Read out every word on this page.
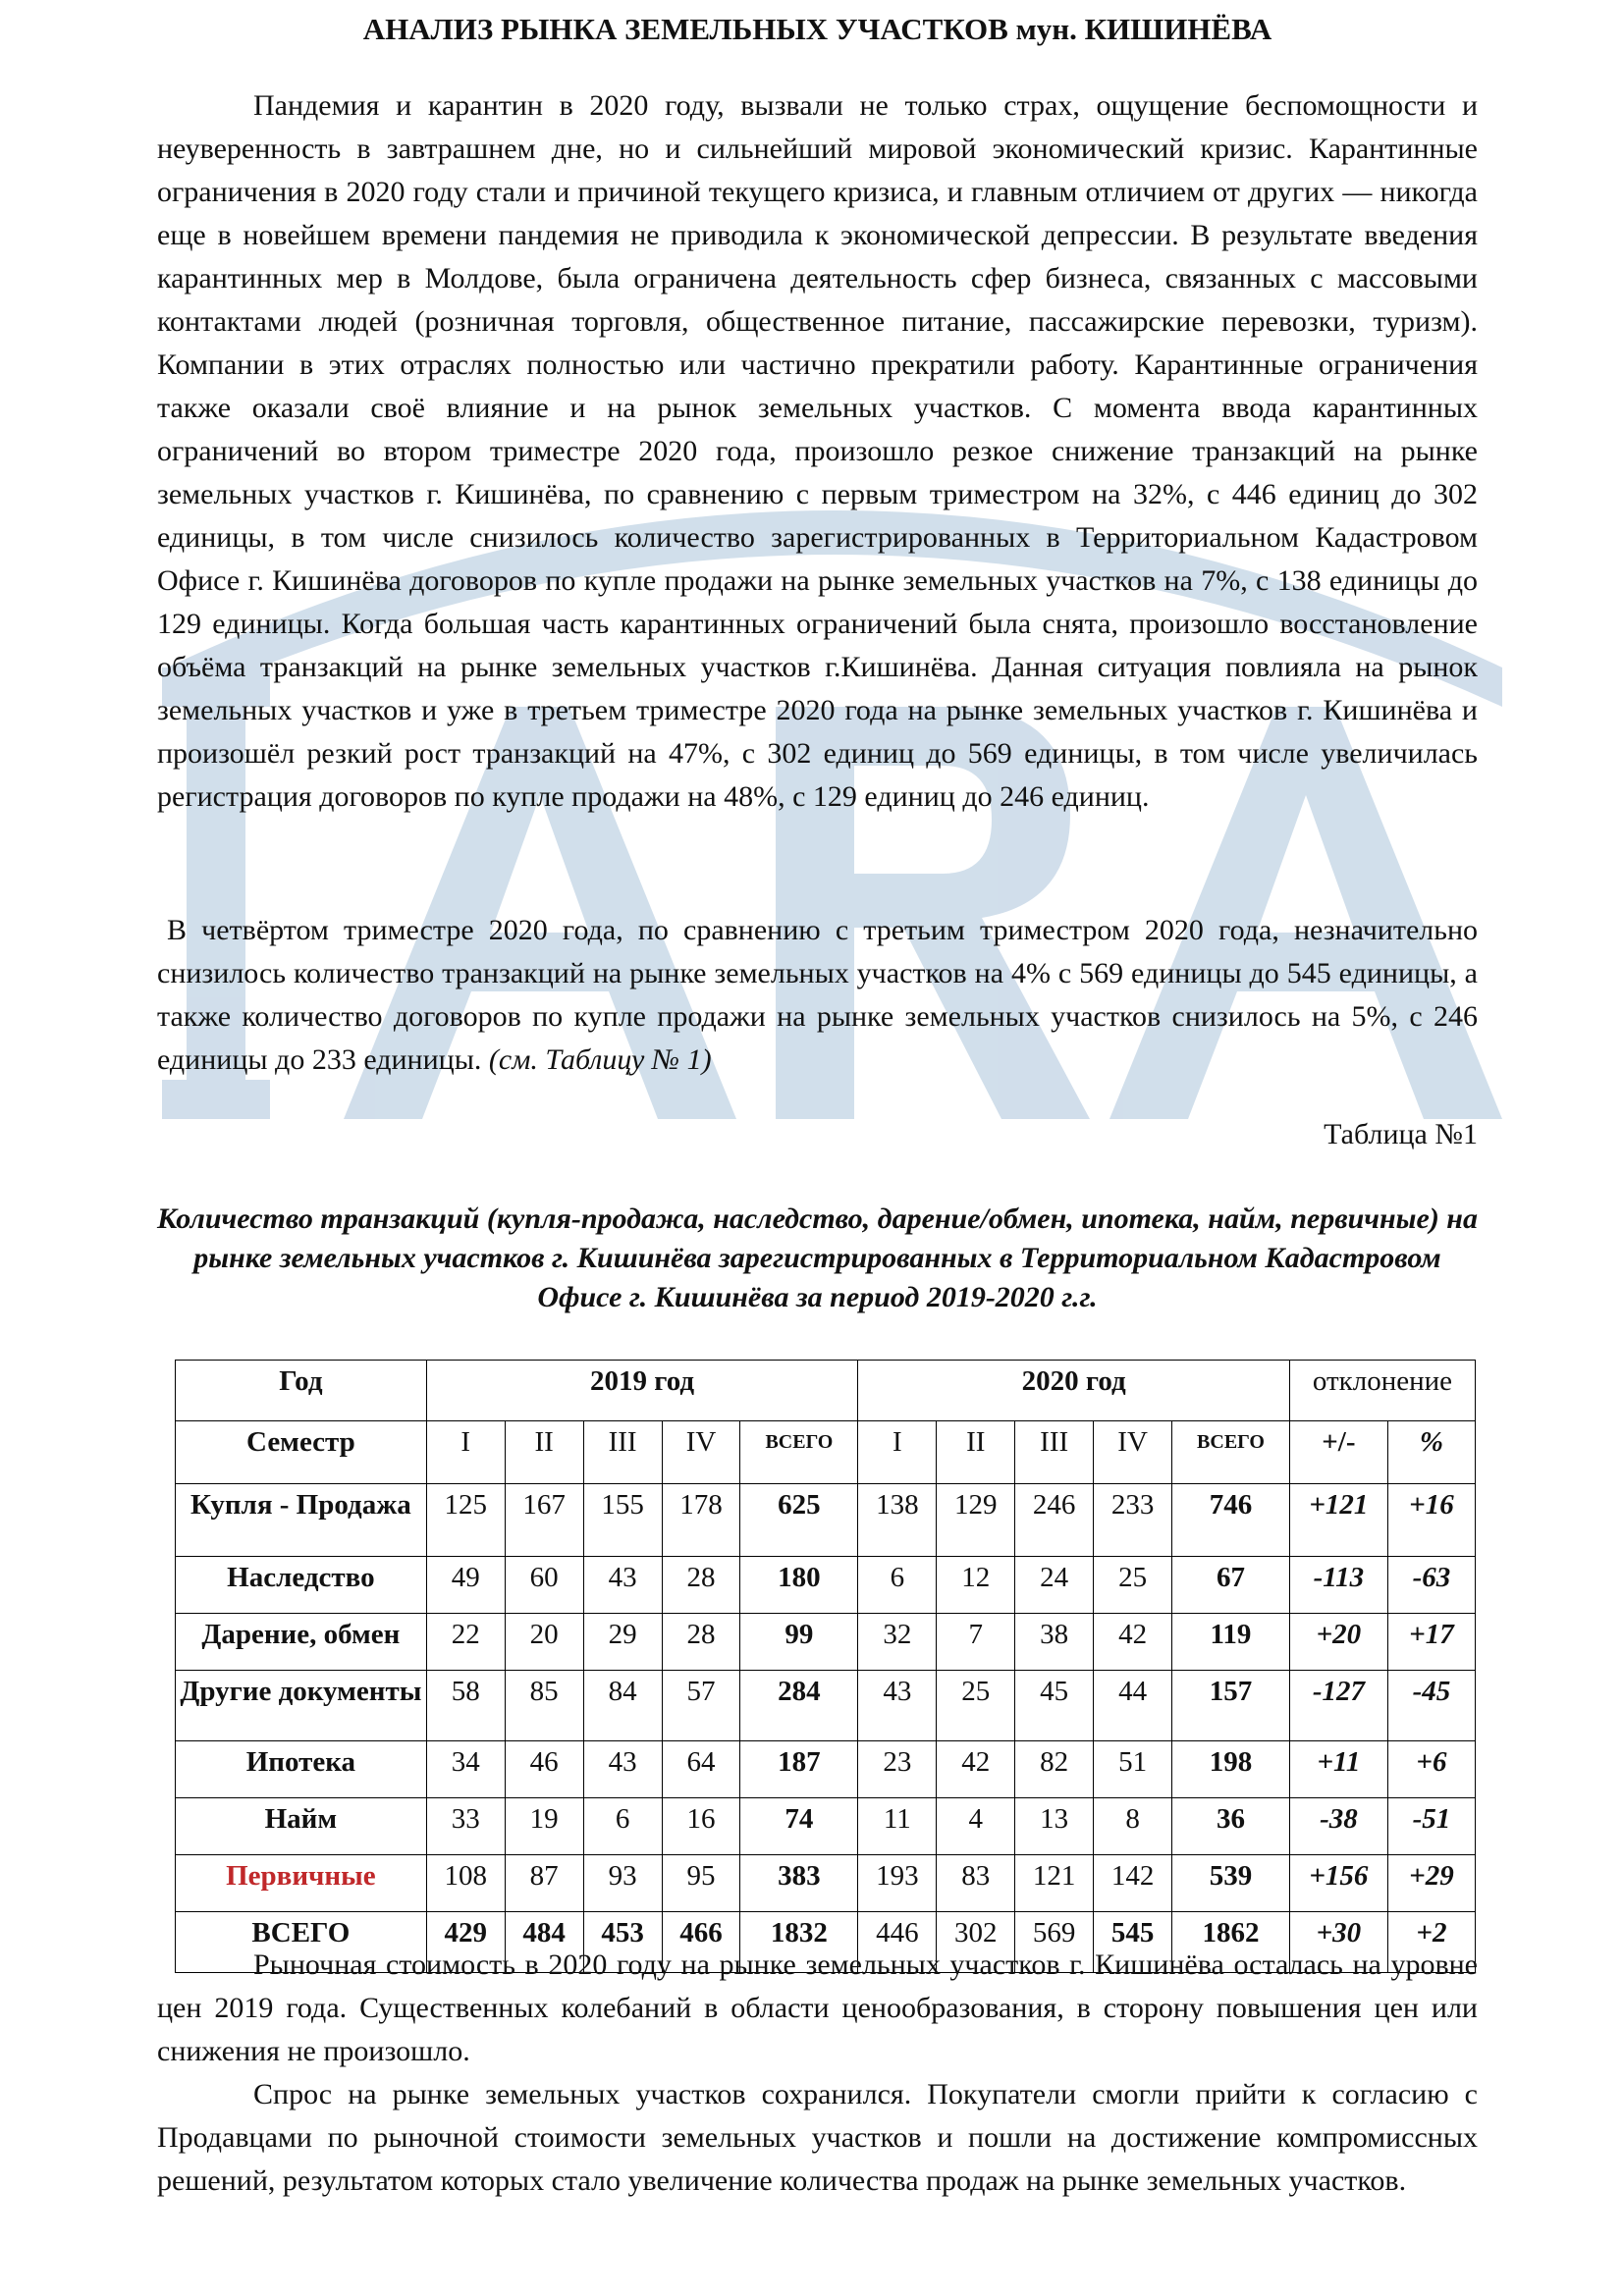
АНАЛИЗ РЫНКА ЗЕМЕЛЬНЫХ УЧАСТКОВ мун. КИШИНЁВА

Пандемия и карантин в 2020 году, вызвали не только страх, ощущение беспомощности и неуверенность в завтрашнем дне, но и сильнейший мировой экономический кризис. Карантинные ограничения в 2020 году стали и причиной текущего кризиса, и главным отличием от других — никогда еще в новейшем времени пандемия не приводила к экономической депрессии. В результате введения карантинных мер в Молдове, была ограничена деятельность сфер бизнеса, связанных с массовыми контактами людей (розничная торговля, общественное питание, пассажирские перевозки, туризм). Компании в этих отраслях полностью или частично прекратили работу. Карантинные ограничения также оказали своё влияние и на рынок земельных участков. С момента ввода карантинных ограничений во втором триместре 2020 года, произошло резкое снижение транзакций на рынке земельных участков г. Кишинёва, по сравнению с первым триместром на 32%, с 446 единиц до 302 единицы, в том числе снизилось количество зарегистрированных в Территориальном Кадастровом Офисе г. Кишинёва договоров по купле продажи на рынке земельных участков на 7%, с 138 единицы до 129 единицы. Когда большая часть карантинных ограничений была снята, произошло восстановление объёма транзакций на рынке земельных участков г.Кишинёва. Данная ситуация повлияла на рынок земельных участков и уже в третьем триместре 2020 года на рынке земельных участков г. Кишинёва и произошёл резкий рост транзакций на 47%, с 302 единиц до 569 единицы, в том числе увеличилась регистрация договоров по купле продажи на 48%, с 129 единиц до 246 единиц.

В четвёртом триместре 2020 года, по сравнению с третьим триместром 2020 года, незначительно снизилось количество транзакций на рынке земельных участков на 4% с 569 единицы до 545 единицы, а также количество договоров по купле продажи на рынке земельных участков снизилось на 5%, с 246 единицы до 233 единицы. (см. Таблицу № 1)

Таблица №1
Количество транзакций (купля-продажа, наследство, дарение/обмен, ипотека, найм, первичные) на рынке земельных участков г. Кишинёва зарегистрированных в Территориальном Кадастровом Офисе г. Кишинёва за период 2019-2020 г.г.
Год	2019 год					2020 год					отклонение	
Семестр	I	II	III	IV	ВСЕГО	I	II	III	IV	ВСЕГО	+/-	%
Купля - Продажа	125	167	155	178	625	138	129	246	233	746	+121	+16
Наследство	49	60	43	28	180	6	12	24	25	67	-113	-63
Дарение, обмен	22	20	29	28	99	32	7	38	42	119	+20	+17
Другие документы	58	85	84	57	284	43	25	45	44	157	-127	-45
Ипотека	34	46	43	64	187	23	42	82	51	198	+11	+6
Найм	33	19	6	16	74	11	4	13	8	36	-38	-51
Первичные	108	87	93	95	383	193	83	121	142	539	+156	+29
ВСЕГО	429	484	453	466	1832	446	302	569	545	1862	+30	+2

Рыночная стоимость в 2020 году на рынке земельных участков г. Кишинёва осталась на уровне цен 2019 года. Существенных колебаний в области ценообразования, в сторону повышения цен или снижения не произошло.

Спрос на рынке земельных участков сохранился. Покупатели смогли прийти к согласию с Продавцами по рыночной стоимости земельных участков и пошли на достижение компромиссных решений, результатом которых стало увеличение количества продаж на рынке земельных участков.
